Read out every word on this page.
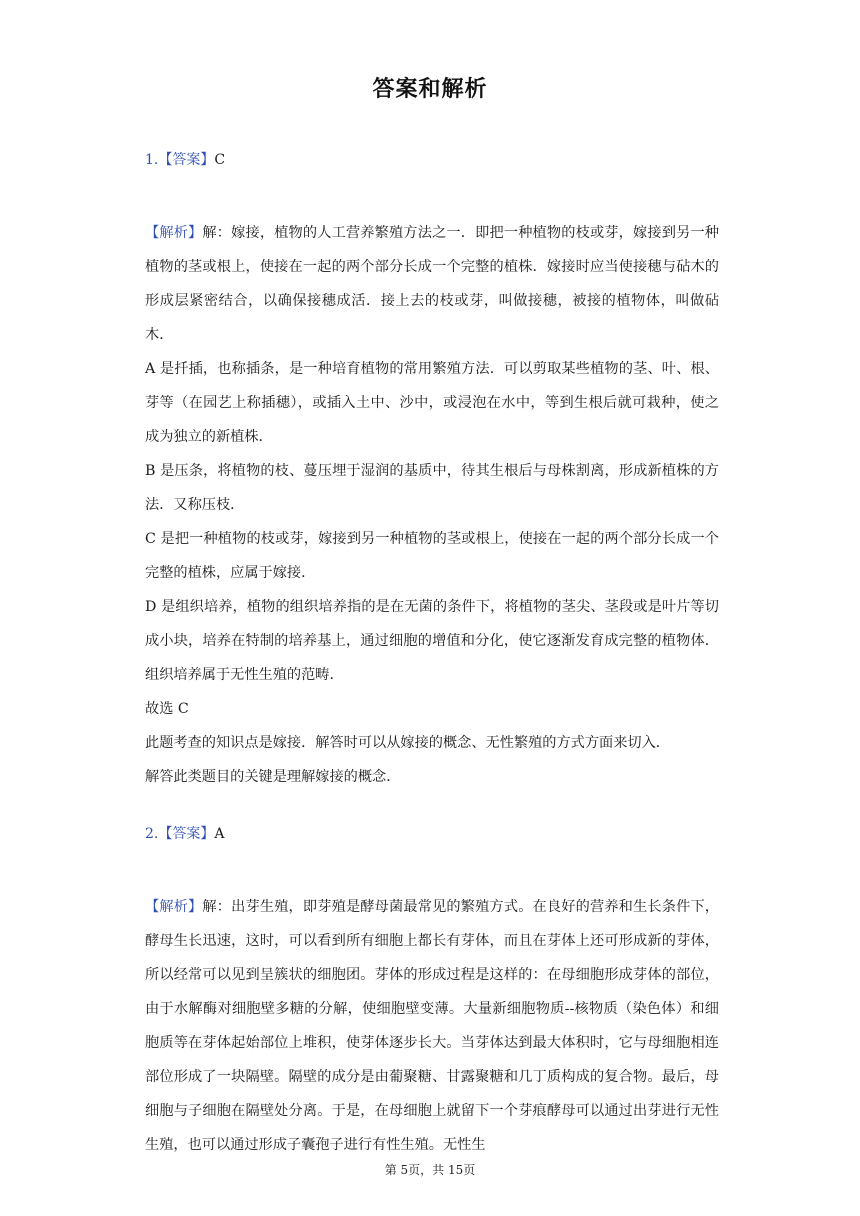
答案和解析
1.【答案】C
【解析】解：嫁接，植物的人工营养繁殖方法之一．即把一种植物的枝或芽，嫁接到另一种植物的茎或根上，使接在一起的两个部分长成一个完整的植株．嫁接时应当使接穗与砧木的形成层紧密结合，以确保接穗成活．接上去的枝或芽，叫做接穗，被接的植物体，叫做砧木．
A 是扦插，也称插条，是一种培育植物的常用繁殖方法．可以剪取某些植物的茎、叶、根、芽等（在园艺上称插穗），或插入土中、沙中，或浸泡在水中，等到生根后就可栽种，使之成为独立的新植株．
B 是压条，将植物的枝、蔓压埋于湿润的基质中，待其生根后与母株割离，形成新植株的方法．又称压枝．
C 是把一种植物的枝或芽，嫁接到另一种植物的茎或根上，使接在一起的两个部分长成一个完整的植株，应属于嫁接．
D 是组织培养，植物的组织培养指的是在无菌的条件下，将植物的茎尖、茎段或是叶片等切成小块，培养在特制的培养基上，通过细胞的增值和分化，使它逐渐发育成完整的植物体．组织培养属于无性生殖的范畴．
故选 C
此题考查的知识点是嫁接．解答时可以从嫁接的概念、无性繁殖的方式方面来切入．
解答此类题目的关键是理解嫁接的概念．
2.【答案】A
【解析】解：出芽生殖，即芽殖是酵母菌最常见的繁殖方式。在良好的营养和生长条件下，酵母生长迅速，这时，可以看到所有细胞上都长有芽体，而且在芽体上还可形成新的芽体，所以经常可以见到呈簇状的细胞团。芽体的形成过程是这样的：在母细胞形成芽体的部位，由于水解酶对细胞壁多糖的分解，使细胞壁变薄。大量新细胞物质--核物质（染色体）和细胞质等在芽体起始部位上堆积，使芽体逐步长大。当芽体达到最大体积时，它与母细胞相连部位形成了一块隔壁。隔壁的成分是由葡聚糖、甘露聚糖和几丁质构成的复合物。最后，母细胞与子细胞在隔壁处分离。于是，在母细胞上就留下一个芽痕酵母可以通过出芽进行无性生殖，也可以通过形成子囊孢子进行有性生殖。无性生
第 5页，共 15页
